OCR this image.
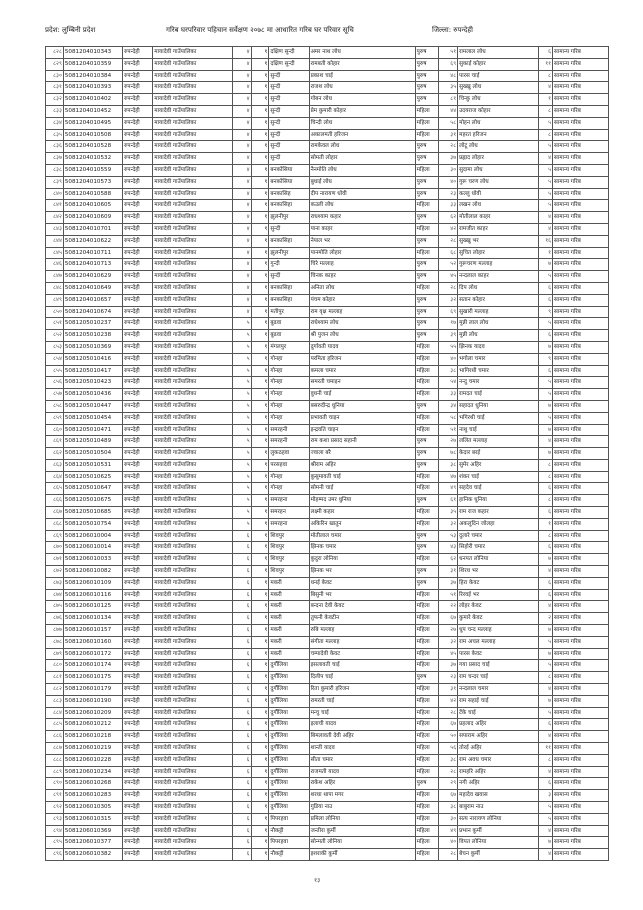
प्रदेश: लुम्बिनी प्रदेश	गरिब घरपरिवार पहिचान सर्वेक्षण २०७८ मा आधारित गरिब घर परिवार सूचि	जिल्ला: रुपन्देही
८२८	5081204010343	रुपन्देही	मायादेवी गाउँपालिका	४	१	दक्षिण सुन्दी	अमर नाथ लोध	पुरुष	५१	रामलाल लोध	६	सामान्य गरिब
८२९	5081204010359	रुपन्देही	मायादेवी गाउँपालिका	४	१	दक्षिण सुन्दी	रामबती कोहार	पुरुष	६९	सुकाई कोहार	११	सामान्य गरिब
८३०	5081204010384	रुपन्देही	मायादेवी गाउँपालिका	४	१	सुन्दी	प्रकाश चाई	पुरुष	४८	पारस चाई	८	सामान्य गरिब
८३१	5081204010393	रुपन्देही	मायादेवी गाउँपालिका	४	१	सुन्दी	राजश लोध	पुरुष	३५	सुख्खु लोध	४	सामान्य गरिब
८३२	5081204010402	रुपन्देही	मायादेवी गाउँपालिका	४	१	सुन्दी	गोबन लोध	पुरुष	८१	चिन्कु लोध	१	सामान्य गरिब
८३३	5081204010452	रुपन्देही	मायादेवी गाउँपालिका	४	१	सुन्दी	प्रेम कुमारी कोहार	महिला	४४	उदयराज कोहार	८	सामान्य गरिब
८३४	5081204010495	रुपन्देही	मायादेवी गाउँपालिका	४	१	सुन्दी	चिन्दी लोध	महिला	५८	मोहन लोध	५	सामान्य गरिब
८३५	5081204010508	रुपन्देही	मायादेवी गाउँपालिका	४	१	सुन्दी	अकालमती हरिजन	महिला	३१	महरत हरिजन	८	सामान्य गरिब
८३६	5081204010528	रुपन्देही	मायादेवी गाउँपालिका	४	१	सुन्दी	रामकेवल लोध	पुरुष	२८	लोटू लोध	५	सामान्य गरिब
८३७	5081204010532	रुपन्देही	मायादेवी गाउँपालिका	४	१	सुन्दी	सोमती लोहार	पुरुष	३७	प्रह्लाद लोहार	४	सामान्य गरिब
८३८	5081204010559	रुपन्देही	मायादेवी गाउँपालिका	४	१	बनकोसिया	नैनमोति लोध	महिला	३०	सुदामा लोध	५	सामान्य गरिब
८३९	5081204010573	रुपन्देही	मायादेवी गाउँपालिका	४	१	बनकोसिया	बुधाई लोध	पुरुष	४०	गुरू चरण लोध	५	सामान्य गरिब
८४०	5081204010588	रुपन्देही	मायादेवी गाउँपालिका	४	१	बनकासिह	दीप नारायण धोवी	पुरुष	२३	कल्लु धोवी	५	सामान्य गरिब
८४१	5081204010605	रुपन्देही	मायादेवी गाउँपालिका	४	१	बनकासिहा	कउली लोध	महिला	३३	लखन लोध	५	सामान्य गरिब
८४२	5081204010609	रुपन्देही	मायादेवी गाउँपालिका	४	१	झुलनीपुर	राधश्याम कहार	पुरुष	६२	मोतीलाल काहर	४	सामान्य गरिब
८४३	5081204010701	रुपन्देही	मायादेवी गाउँपालिका	४	१	सुन्दी	पाना काहर	महिला	४२	रामजीत काहर	४	सामान्य गरिब
८४४	5081204010622	रुपन्देही	मायादेवी गाउँपालिका	४	१	बनकासिहा	नेपाल भर	पुरुष	२८	सुख्खु भर	१६	सामान्य गरिब
८४५	5081204010711	रुपन्देही	मायादेवी गाउँपालिका	४	१	झुलनीपुर	पानमोति लोहार	महिला	६८	सुचित लोहार	१	सामान्य गरिब
८४६	5081204010713	रुपन्देही	मायादेवी गाउँपालिका	४	१	गुन्दी	चिरे मल्लाह	पुरुष	५२	गुरूचरण मल्लाह	७	सामान्य गरिब
८४७	5081204010629	रुपन्देही	मायादेवी गाउँपालिका	४	१	सुन्दी	चिनक काहर	पुरुष	४५	नन्दलाल काहर	५	सामान्य गरिब
८४८	5081204010649	रुपन्देही	मायादेवी गाउँपालिका	४	१	बनकासिहा	अनिता लोध	महिला	२८	दिप लोध	६	सामान्य गरिब
८४९	5081204010657	रुपन्देही	मायादेवी गाउँपालिका	४	१	बनकासिहा	पंचम कोहार	पुरुष	३२	सतान कोहार	६	सामान्य गरिब
८५०	5081204010674	रुपन्देही	मायादेवी गाउँपालिका	४	१	मतीपुर	राम वृक्ष मल्लाह	पुरुष	६९	सुखारी मल्लाह	९	सामान्य गरिब
८५१	5081205010237	रुपन्देही	मायादेवी गाउँपालिका	५	१	बुढवा	राधेश्याम लोध	पुरुष	१७	मुन्नी लाल लोध	५	सामान्य गरिब
८५२	5081205010238	रुपन्देही	मायादेवी गाउँपालिका	५	१	बुढवा	श्री पुजन लोध	पुरुष	३९	मुन्नी लोध	६	सामान्य गरिब
८५३	5081205010369	रुपन्देही	मायादेवी गाउँपालिका	५	१	मंगलपुर	दुर्गावती यादव	महिला	५५	झिनक यादव	७	सामान्य गरिब
८५४	5081205010416	रुपन्देही	मायादेवी गाउँपालिका	५	१	गोनहा	परमिता हरिजन	महिला	४०	भगोला चमार	९	सामान्य गरिब
८५५	5081205010417	रुपन्देही	मायादेवी गाउँपालिका	५	१	गोनहा	कमला चमार	महिला	३८	भागिरथी चमार	६	सामान्य गरिब
८५६	5081205010423	रुपन्देही	मायादेवी गाउँपालिका	५	१	गोनहा	समरती चमाइन	महिला	५४	नन्दु चमार	५	सामान्य गरिब
८५७	5081205010436	रुपन्देही	मायादेवी गाउँपालिका	५	१	गोनहा	वुधनी चाई	महिला	३३	रामदत चाई	५	सामान्य गरिब
८५८	5081205010447	रुपन्देही	मायादेवी गाउँपालिका	५	१	गोनहा	बसरुदीन्द्र धुनिया	पुरुष	३४	सहादत धुनिया	७	सामान्य गरिब
८५९	5081205010454	रुपन्देही	मायादेवी गाउँपालिका	५	१	गोनहा	प्रभावती चाइन	महिला	५८	भगिरथी चाई	५	सामान्य गरिब
८६०	5081205010471	रुपन्देही	मायादेवी गाउँपालिका	५	१	समरहनी	इन्द्रवति चाइन	महिला	५१	नाथु चाई	७	सामान्य गरिब
८६१	5081205010489	रुपन्देही	मायादेवी गाउँपालिका	५	१	समरहनी	राम कशा प्रसाद सहानी	पुरुष	२७	ललित मल्लाह	४	सामान्य गरिब
८६२	5081205010504	रुपन्देही	मायादेवी गाउँपालिका	५	१	लुकठहवा	ज्वाला बरै	पुरुष	७८	केदार बरई	७	सामान्य गरिब
८६३	5081205010531	रुपन्देही	मायादेवी गाउँपालिका	५	१	परसहवा	श्रीराम अहिर	पुरुष	३८	सुमेर अहिर	८	सामान्य गरिब
८६४	5081205010625	रुपन्देही	मायादेवी गाउँपालिका	५	१	गोनहा	कुसुमावती चाई	महिला	४७	शंकर चाई	८	सामान्य गरिब
८६५	5081205010647	रुपन्देही	मायादेवी गाउँपालिका	५	१	गोनहा	सोमनी चाई	महिला	४९	सहदेव चाई	६	सामान्य गरिब
८६६	5081205010675	रुपन्देही	मायादेवी गाउँपालिका	५	१	समरहना	मोहम्मद उमर धुनिया	पुरुष	६१	हानिक धुनिया	८	सामान्य गरिब
८६७	5081205010685	रुपन्देही	मायादेवी गाउँपालिका	५	१	समरहन	लक्ष्मी कहार	महिला	३५	राम राज कहार	६	सामान्य गरिब
८६८	5081205010754	रुपन्देही	मायादेवी गाउँपालिका	५	१	समरहना	अकिरिन खातुन	महिला	३२	अकलुदिन जोलहा	१	सामान्य गरिब
८६९	5081206010004	रुपन्देही	मायादेवी गाउँपालिका	६	१	शिवपुर	मोतीलाल चमार	पुरुष	५३	दुलारे चमार	८	सामान्य गरिब
८७०	5081206010014	रुपन्देही	मायादेवी गाउँपालिका	६	१	शिवपुर	झिनक चमार	पुरुष	४३	सिहोरी चमार	६	सामान्य गरिब
८७१	5081206010033	रुपन्देही	मायादेवी गाउँपालिका	६	१	शिवपुर	कुदुरा लोनिया	महिला	६२	धनपत लोनिया	७	सामान्य गरिब
८७२	5081206010082	रुपन्देही	मायादेवी गाउँपालिका	६	१	शिवपुर	झिनक भर	पुरुष	३१	शिरध भर	४	सामान्य गरिब
८७३	5081206010109	रुपन्देही	मायादेवी गाउँपालिका	६	१	मकरी	धनई केवट	पुरुष	३७	हिरा केवट	६	सामान्य गरिब
८७४	5081206010116	रुपन्देही	मायादेवी गाउँपालिका	६	१	मकरी	बिसुनी भर	महिला	५१	रिरवई भर	६	सामान्य गरिब
८७५	5081206010125	रुपन्देही	मायादेवी गाउँपालिका	६	१	मकरी	बन्दना देवी केवट	महिला	२२	लोहर केवट	४	सामान्य गरिब
८७६	5081206010134	रुपन्देही	मायादेवी गाउँपालिका	६	१	मकरी	तुफनी केवटीन	महिला	६७	कुमारे केवट	२	सामान्य गरिब
८७७	5081206010157	रुपन्देही	मायादेवी गाउँपालिका	६	१	मकरी	रुबि मल्लाह	महिला	२७	धुप चन्द मल्लाह	७	सामान्य गरिब
८७८	5081206010160	रुपन्देही	मायादेवी गाउँपालिका	६	१	मकरी	संगीता मल्लाह	महिला	३२	राम अचल मल्लाह	५	सामान्य गरिब
८७९	5081206010172	रुपन्देही	मायादेवी गाउँपालिका	६	१	मकरी	चम्पादेवी केवट	महिला	४५	पारस केवट	७	सामान्य गरिब
८८०	5081206010174	रुपन्देही	मायादेवी गाउँपालिका	६	१	दुर्गौलिया	इसलावती चाई	महिला	३७	गया प्रसाद चाई	५	सामान्य गरिब
८८१	5081206010175	रुपन्देही	मायादेवी गाउँपालिका	६	१	दुर्गौलिया	दिलीप चाई	पुरुष	२३	राम चन्दर चाई	८	सामान्य गरिब
८८२	5081206010179	रुपन्देही	मायादेवी गाउँपालिका	६	१	दुर्गौलिया	रिता कुमारी हरिजन	महिला	३१	नन्दलाल चमार	४	सामान्य गरिब
८८३	5081206010190	रुपन्देही	मायादेवी गाउँपालिका	६	१	दुर्गौलिया	रामरती चाई	महिला	४२	राम सहाई चाई	७	सामान्य गरिब
८८४	5081206010209	रुपन्देही	मायादेवी गाउँपालिका	६	१	दुर्गौलिया	मन्चु चाई	महिला	२८	टेंके चाई	५	सामान्य गरिब
८८५	5081206010212	रुपन्देही	मायादेवी गाउँपालिका	६	१	दुर्गौलिया	इलाची यादव	महिला	६७	प्रहलाद अहिर	६	सामान्य गरिब
८८६	5081206010218	रुपन्देही	मायादेवी गाउँपालिका	६	१	दुर्गौलिया	बिमलावती देवी अहिर	महिला	५०	सपाराम अहिर	४	सामान्य गरिब
८८७	5081206010219	रुपन्देही	मायादेवी गाउँपालिका	६	१	दुर्गौलिया	शान्ती यादव	महिला	५६	तोरई अहिर	११	सामान्य गरिब
८८८	5081206010228	रुपन्देही	मायादेवी गाउँपालिका	६	१	दुर्गौलिया	सीता चमार	महिला	३८	राम अवध चमार	८	सामान्य गरिब
८८९	5081206010234	रुपन्देही	मायादेवी गाउँपालिका	६	१	दुर्गौलिया	राजमती यादव	महिला	२८	रामहरि अहिर	४	सामान्य गरिब
८९०	5081206010268	रुपन्देही	मायादेवी गाउँपालिका	६	१	दुर्गौलिया	राकेश अहिर	पुरुष	२९	नगी अहिर	६	सामान्य गरिब
८९१	5081206010283	रुपन्देही	मायादेवी गाउँपालिका	६	१	दुर्गौलिया	शरधा थापा मगर	महिला	६७	महादेव खवास	३	सामान्य गरिब
८९२	5081206010305	रुपन्देही	मायादेवी गाउँपालिका	६	१	दुर्गौलिया	गुडिया नाउ	महिला	३८	बाबुराम नाउ	५	सामान्य गरिब
८९३	5081206010315	रुपन्देही	मायादेवी गाउँपालिका	६	१	पिपरहवा	प्रमिला लोनिया	महिला	३०	सत्य नारायण लोनिया	५	सामान्य गरिब
८९४	5081206010369	रुपन्देही	मायादेवी गाउँपालिका	६	१	नौकट्टी	जन्तीरा कुर्मी	महिला	४९	प्रभान कुर्मी	४	सामान्य गरिब
८९५	5081206010377	रुपन्देही	मायादेवी गाउँपालिका	६	१	पिपरहवा	सोन्मती लोनिया	महिला	४०	विपत लोनिया	७	सामान्य गरिब
८९६	5081206010382	रुपन्देही	मायादेवी गाउँपालिका	६	१	नौकट्टी	इशराकी कुर्मी	महिला	२८	बेचन कुर्मी	४	सामान्य गरिब
१३
